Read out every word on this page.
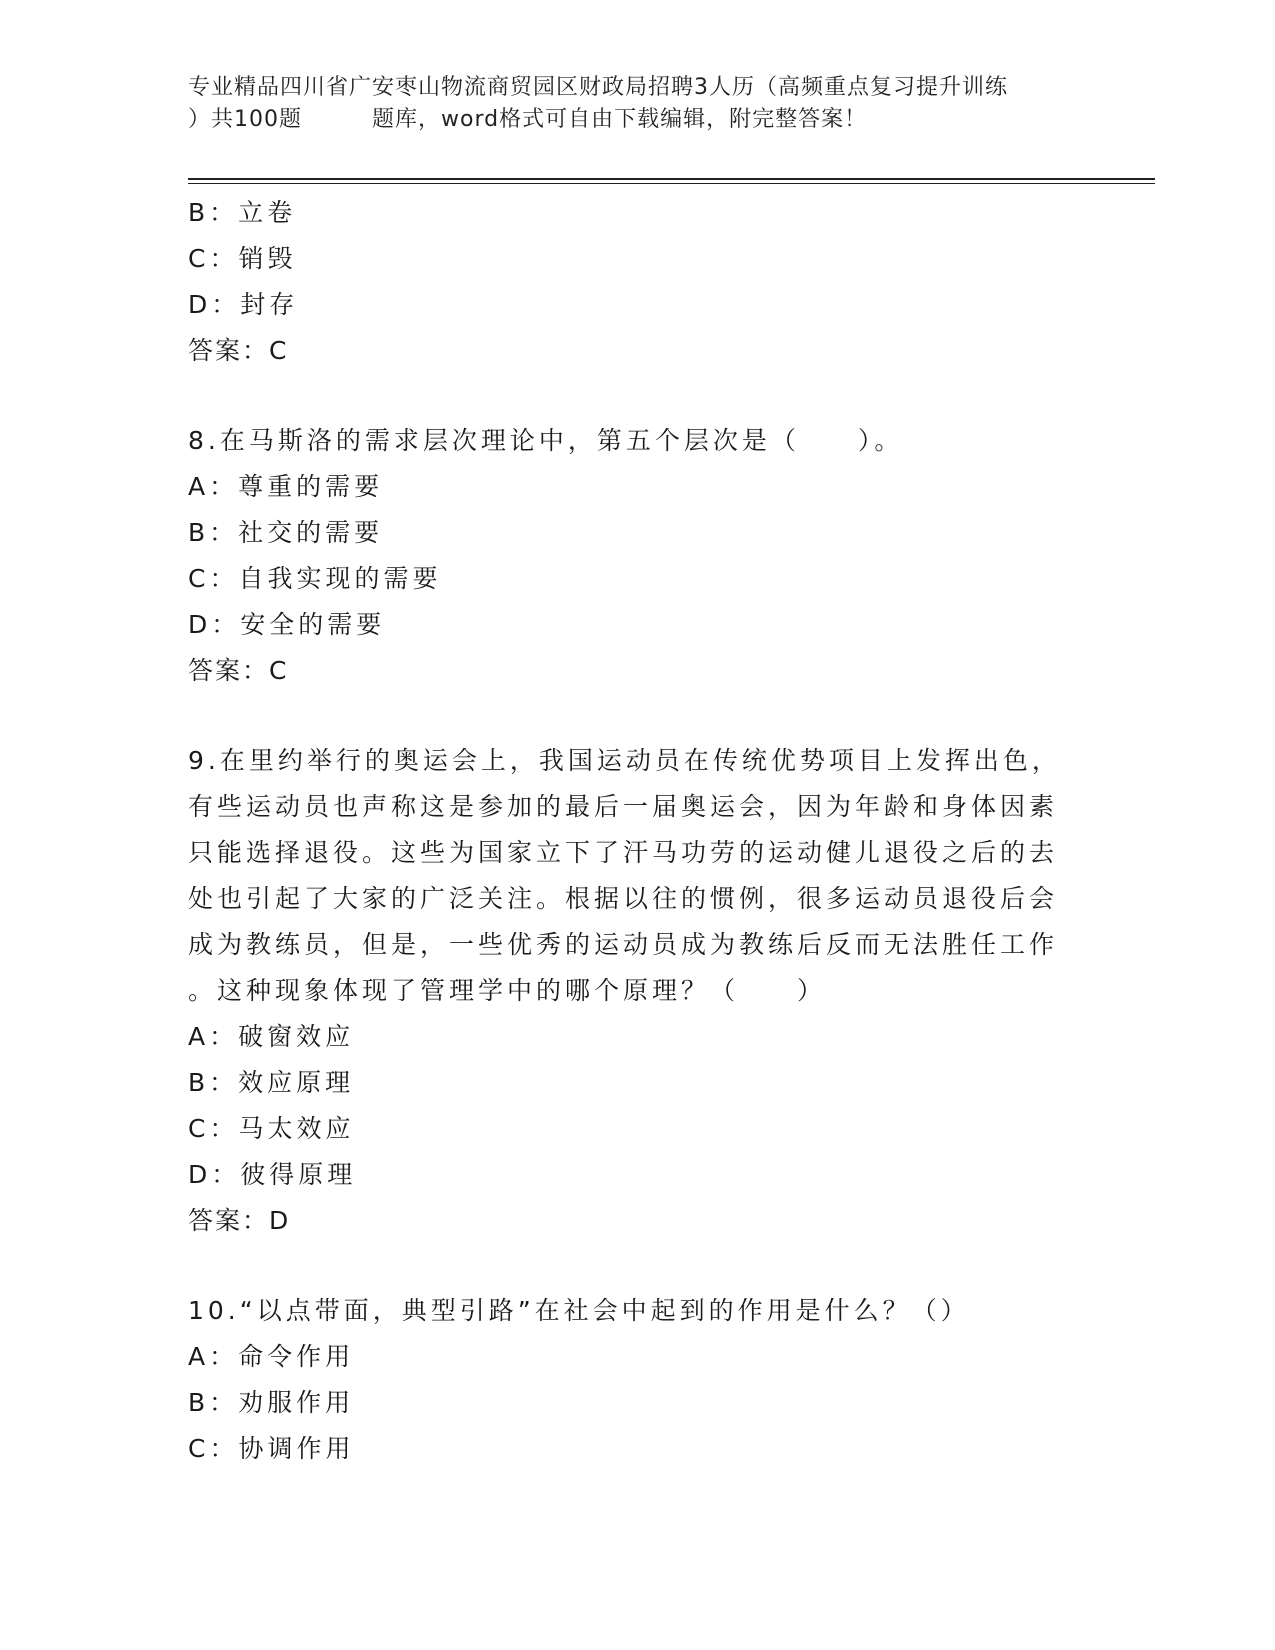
专业精品四川省广安枣山物流商贸园区财政局招聘3人历（高频重点复习提升训练
）共100题	题库，word格式可自由下载编辑，附完整答案！
B：立卷
C：销毁
D：封存
答案：C
8.在马斯洛的需求层次理论中，第五个层次是（　　）。
A：尊重的需要
B：社交的需要
C：自我实现的需要
D：安全的需要
答案：C
9.在里约举行的奥运会上，我国运动员在传统优势项目上发挥出色，
有些运动员也声称这是参加的最后一届奥运会，因为年龄和身体因素
只能选择退役。这些为国家立下了汗马功劳的运动健儿退役之后的去
处也引起了大家的广泛关注。根据以往的惯例，很多运动员退役后会
成为教练员，但是，一些优秀的运动员成为教练后反而无法胜任工作
。这种现象体现了管理学中的哪个原理？（　　）
A：破窗效应
B：效应原理
C：马太效应
D：彼得原理
答案：D
10.“以点带面，典型引路”在社会中起到的作用是什么？（）
A：命令作用
B：劝服作用
C：协调作用
